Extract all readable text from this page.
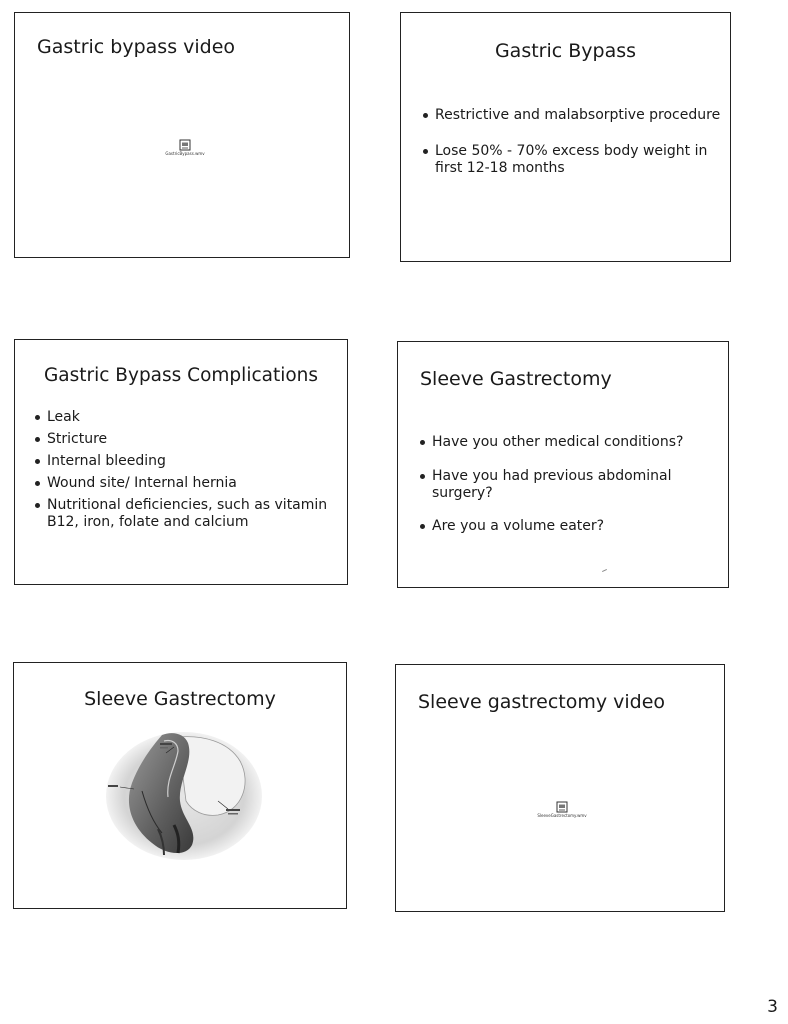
Gastric bypass video
GastricBypass.wmv
Gastric Bypass
Restrictive and malabsorptive procedure
Lose 50% - 70% excess body weight in first 12-18 months
Gastric Bypass Complications
Leak
Stricture
Internal bleeding
Wound site/ Internal hernia
Nutritional deficiencies, such as vitamin B12, iron, folate and calcium
Sleeve Gastrectomy
Have you other medical conditions?
Have you had previous abdominal surgery?
Are you a volume eater?
Sleeve Gastrectomy	Sleeve gastrectomy video
SleeveGastrectomy.wmv
3
